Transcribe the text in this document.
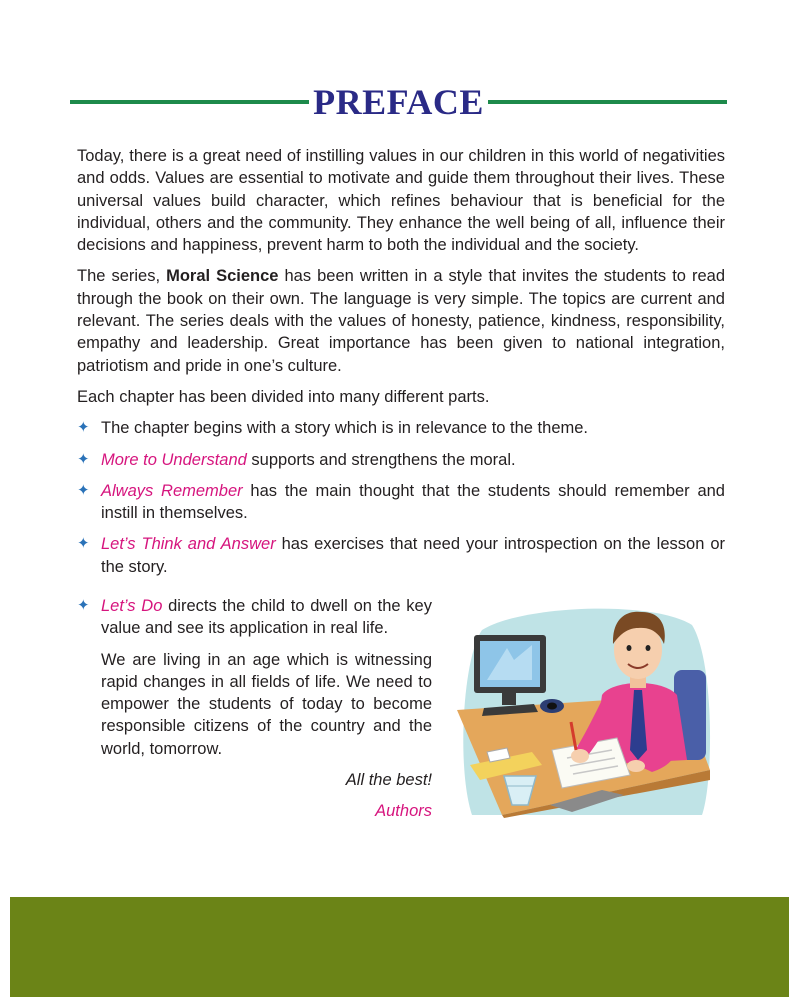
PREFACE

Today, there is a great need of instilling values in our children in this world of negativities and odds. Values are essential to motivate and guide them throughout their lives. These universal values build character, which refines behaviour that is beneficial for the individual, others and the community. They enhance the well being of all, influence their decisions and happiness, prevent harm to both the individual and the society.

The series, Moral Science has been written in a style that invites the students to read through the book on their own. The language is very simple. The topics are current and relevant. The series deals with the values of honesty, patience, kindness, responsibility, empathy and leadership. Great importance has been given to national integration, patriotism and pride in one’s culture.

Each chapter has been divided into many different parts.

✦ The chapter begins with a story which is in relevance to the theme.
✦ More to Understand supports and strengthens the moral.
✦ Always Remember has the main thought that the students should remember and instill in themselves.
✦ Let’s Think and Answer has exercises that need your introspection on the lesson or the story.
✦ Let’s Do directs the child to dwell on the key value and see its application in real life.

We are living in an age which is witnessing rapid changes in all fields of life. We need to empower the students of today to become responsible citizens of the country and the world, tomorrow.

All the best!

Authors
